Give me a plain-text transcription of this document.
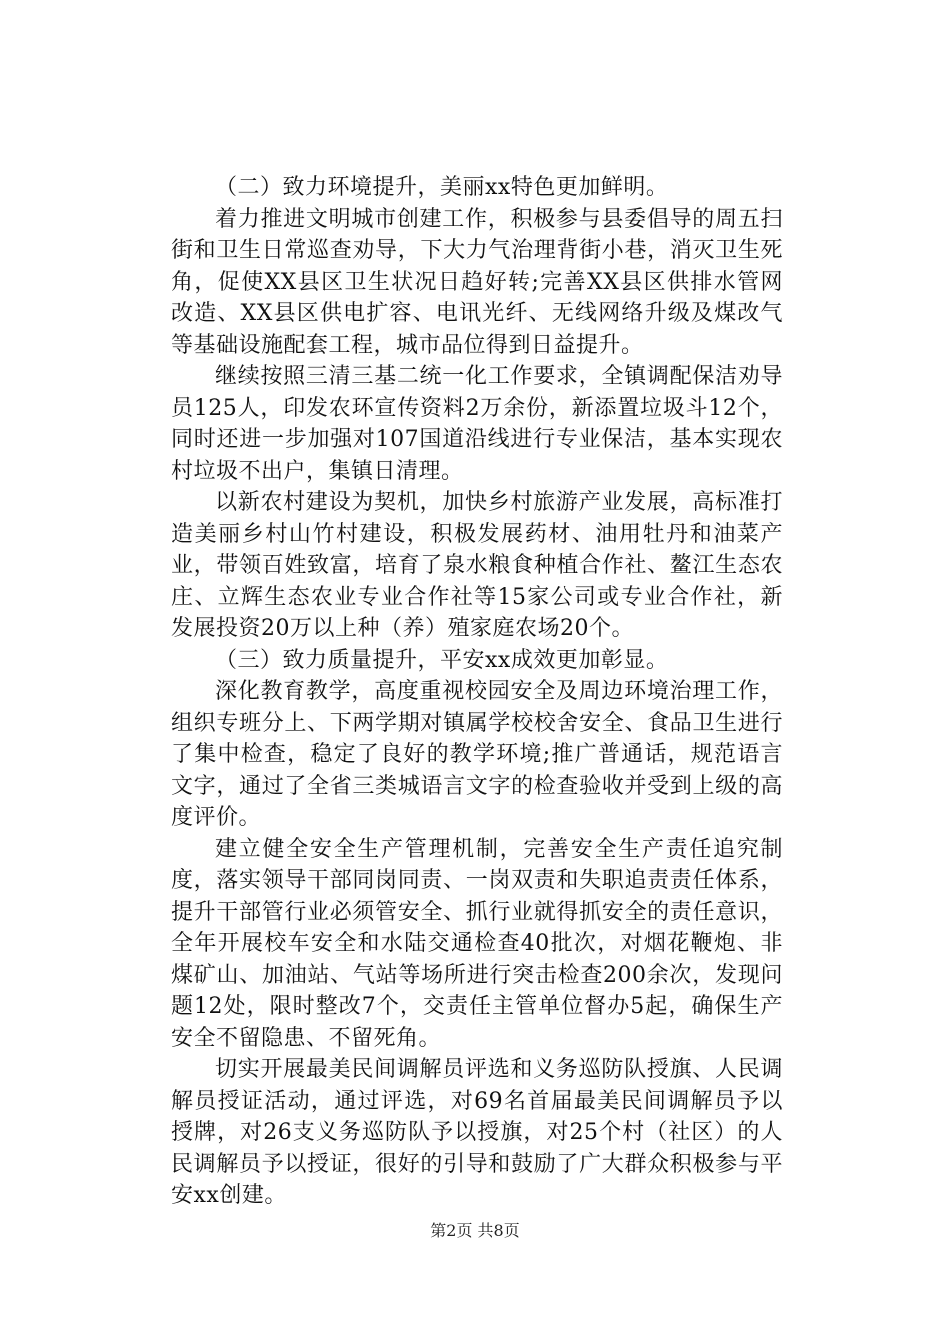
（二）致力环境提升，美丽xx特色更加鲜明。

着力推进文明城市创建工作，积极参与县委倡导的周五扫街和卫生日常巡查劝导，下大力气治理背街小巷，消灭卫生死角，促使XX县区卫生状况日趋好转;完善XX县区供排水管网改造、XX县区供电扩容、电讯光纤、无线网络升级及煤改气等基础设施配套工程，城市品位得到日益提升。

继续按照三清三基二统一化工作要求，全镇调配保洁劝导员125人，印发农环宣传资料2万余份，新添置垃圾斗12个，同时还进一步加强对107国道沿线进行专业保洁，基本实现农村垃圾不出户，集镇日清理。

以新农村建设为契机，加快乡村旅游产业发展，高标准打造美丽乡村山竹村建设，积极发展药材、油用牡丹和油菜产业，带领百姓致富，培育了泉水粮食种植合作社、鳌江生态农庄、立辉生态农业专业合作社等15家公司或专业合作社，新发展投资20万以上种（养）殖家庭农场20个。

（三）致力质量提升，平安xx成效更加彰显。

深化教育教学，高度重视校园安全及周边环境治理工作，组织专班分上、下两学期对镇属学校校舍安全、食品卫生进行了集中检查，稳定了良好的教学环境;推广普通话，规范语言文字，通过了全省三类城语言文字的检查验收并受到上级的高度评价。

建立健全安全生产管理机制，完善安全生产责任追究制度，落实领导干部同岗同责、一岗双责和失职追责责任体系，提升干部管行业必须管安全、抓行业就得抓安全的责任意识，全年开展校车安全和水陆交通检查40批次，对烟花鞭炮、非煤矿山、加油站、气站等场所进行突击检查200余次，发现问题12处，限时整改7个，交责任主管单位督办5起，确保生产安全不留隐患、不留死角。

切实开展最美民间调解员评选和义务巡防队授旗、人民调解员授证活动，通过评选，对69名首届最美民间调解员予以授牌，对26支义务巡防队予以授旗，对25个村（社区）的人民调解员予以授证，很好的引导和鼓励了广大群众积极参与平安xx创建。

第2页 共8页
